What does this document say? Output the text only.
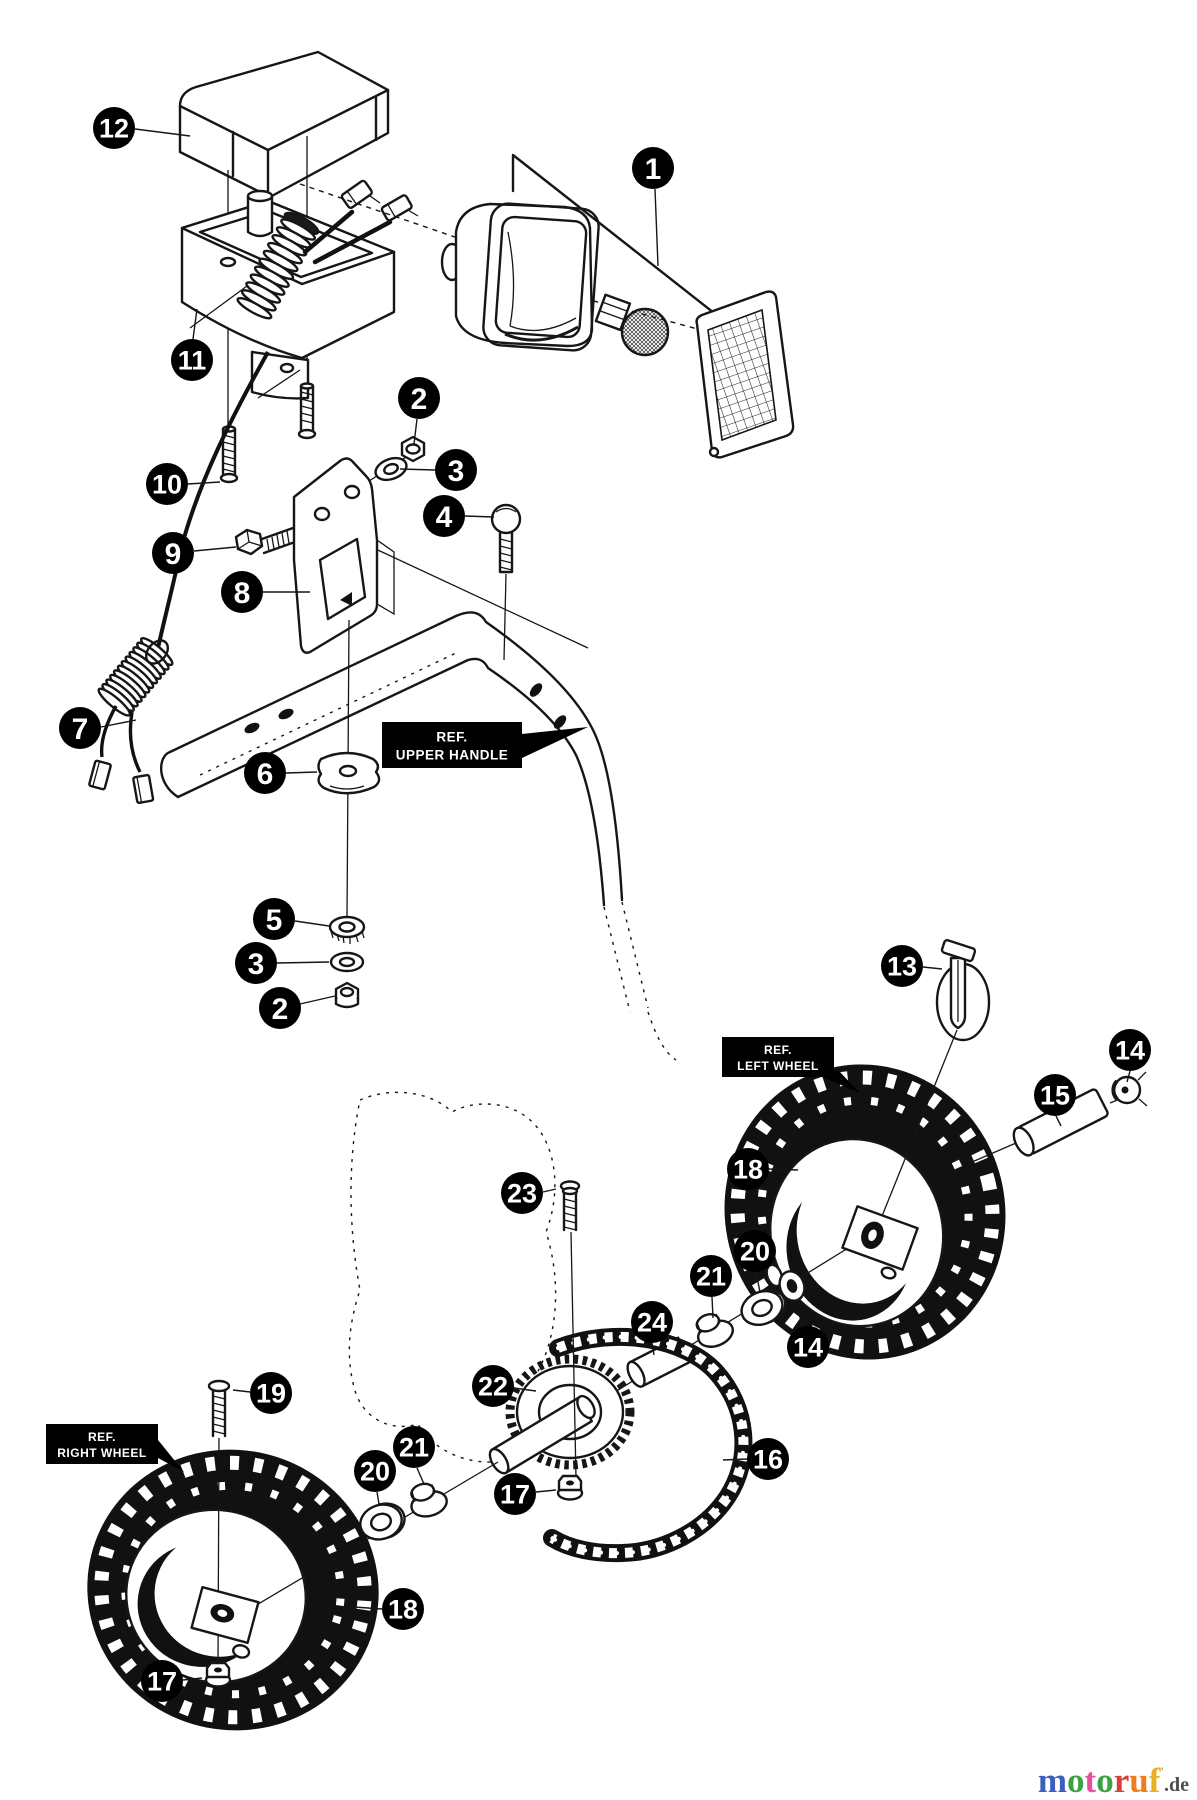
REF.
UPPER HANDLE
REF.
LEFT WHEEL
REF.
RIGHT WHEEL
1
12
11
2
3
10
4
9
8
7
6
5
3
2
13
14
15
18
23
20
21
24
14
22
16
17
19
21
20
18
17
motoruf'.de
